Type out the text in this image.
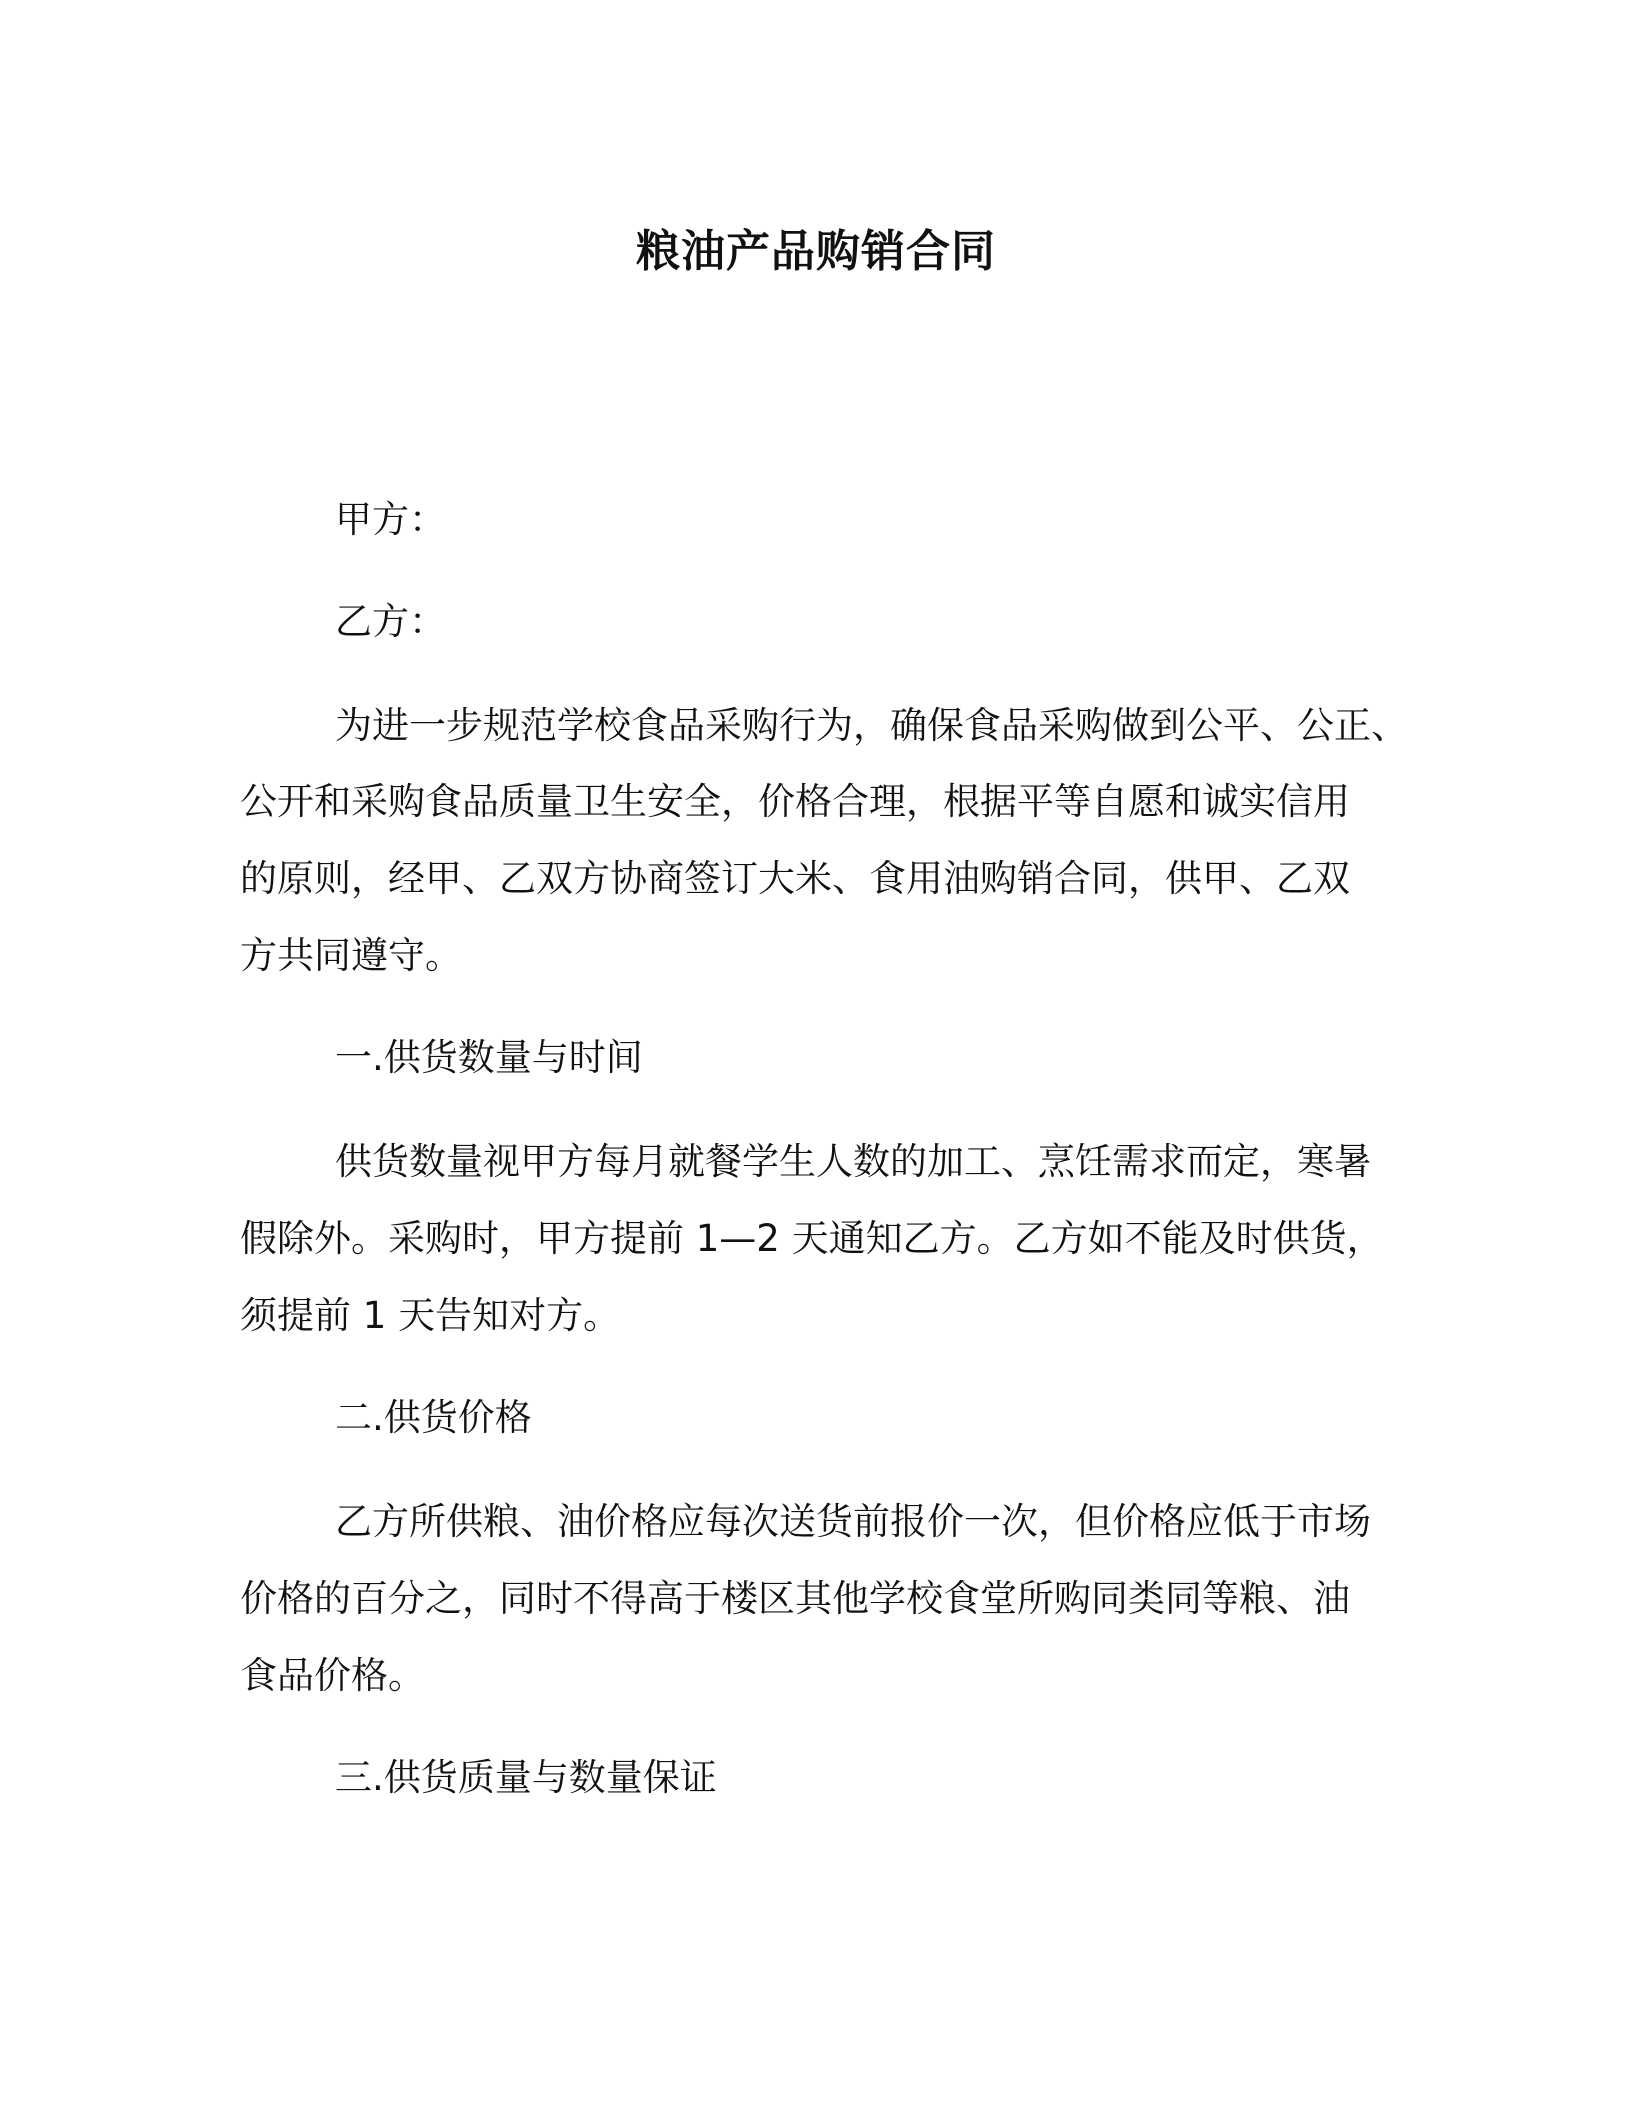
粮油产品购销合同
甲方：
乙方：
为进一步规范学校食品采购行为，确保食品采购做到公平、公正、
公开和采购食品质量卫生安全，价格合理，根据平等自愿和诚实信用
的原则，经甲、乙双方协商签订大米、食用油购销合同，供甲、乙双
方共同遵守。
一.供货数量与时间
供货数量视甲方每月就餐学生人数的加工、烹饪需求而定，寒暑
假除外。采购时，甲方提前 1—2 天通知乙方。乙方如不能及时供货，
须提前 1 天告知对方。
二.供货价格
乙方所供粮、油价格应每次送货前报价一次，但价格应低于市场
价格的百分之，同时不得高于楼区其他学校食堂所购同类同等粮、油
食品价格。
三.供货质量与数量保证
